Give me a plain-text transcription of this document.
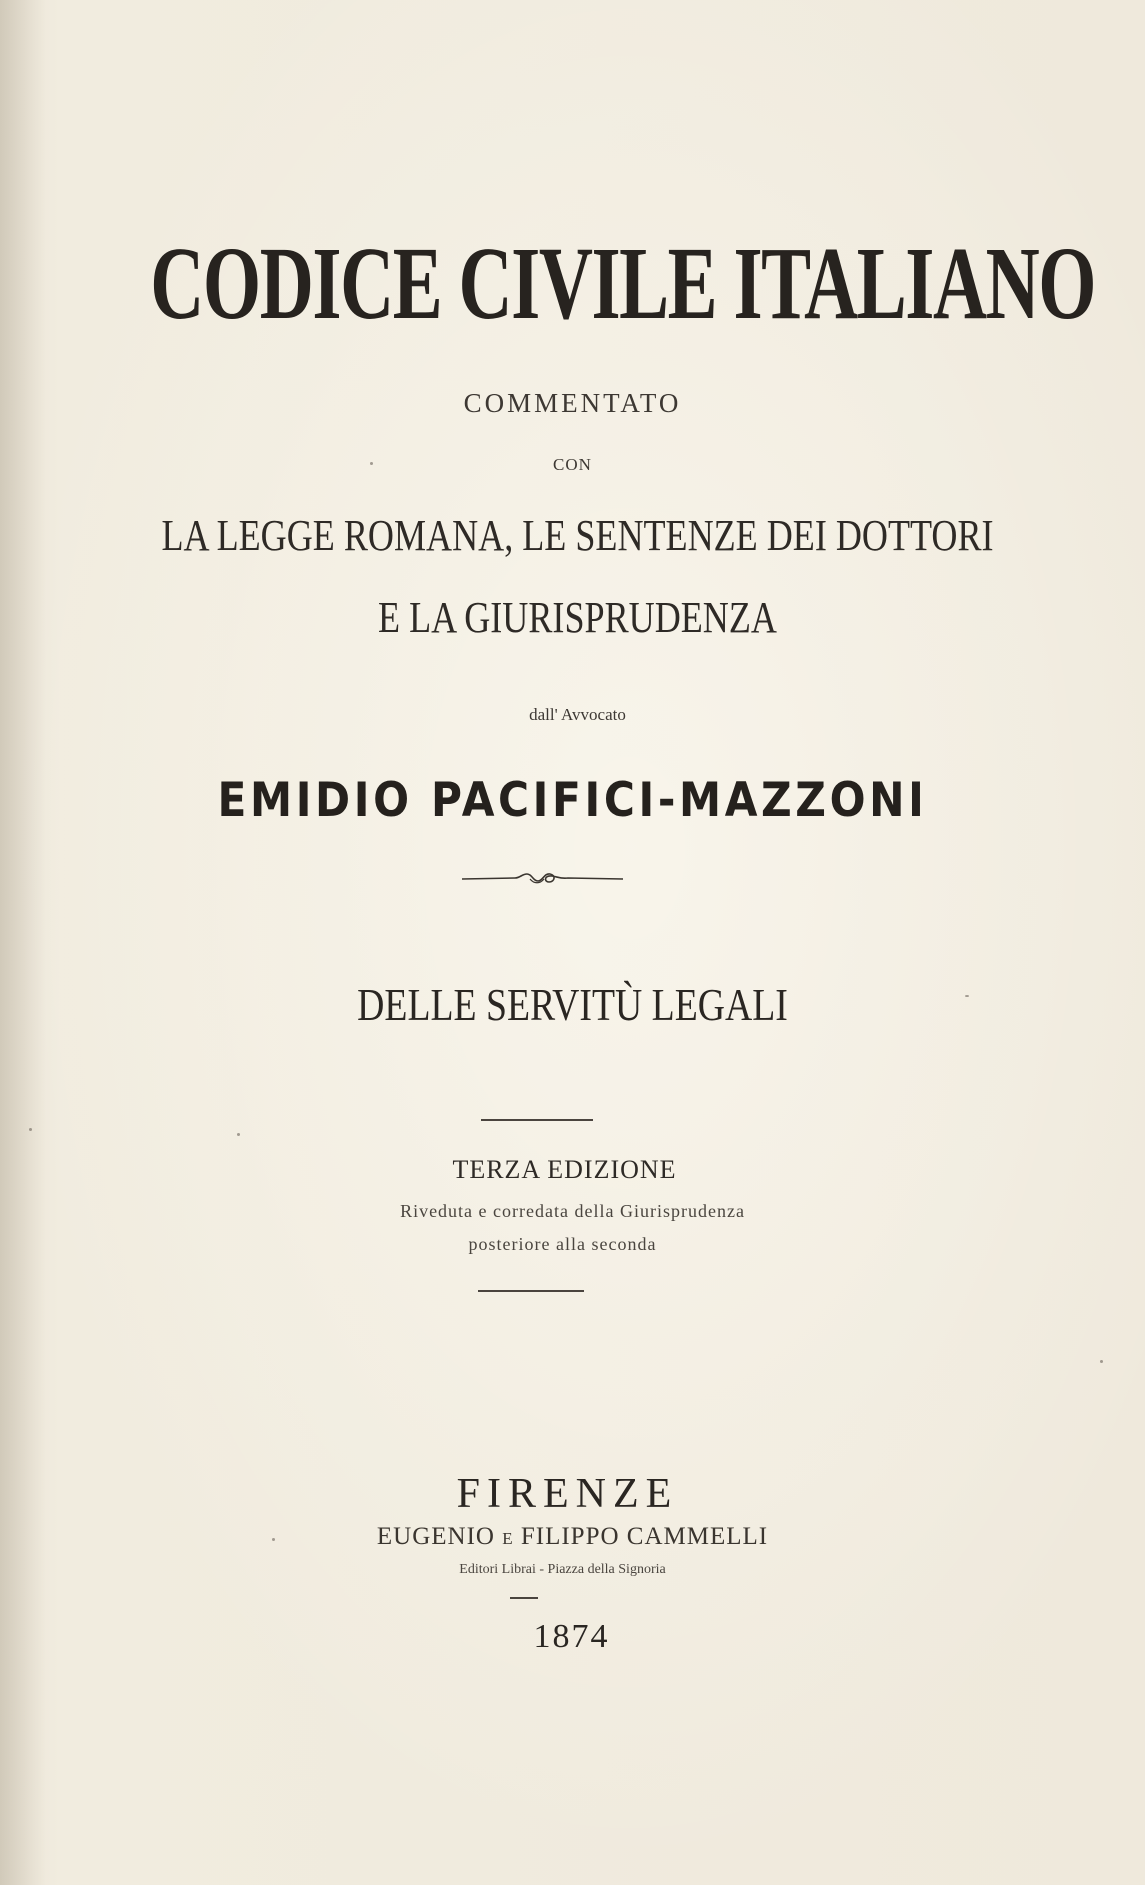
CODICE CIVILE ITALIANO
COMMENTATO
CON
LA LEGGE ROMANA, LE SENTENZE DEI DOTTORI
E LA GIURISPRUDENZA
dall' Avvocato
EMIDIO PACIFICI-MAZZONI
DELLE SERVITÙ LEGALI
TERZA EDIZIONE
Riveduta e corredata della Giurisprudenza
posteriore alla seconda
FIRENZE
EUGENIO E FILIPPO CAMMELLI
Editori Librai - Piazza della Signoria
1874
